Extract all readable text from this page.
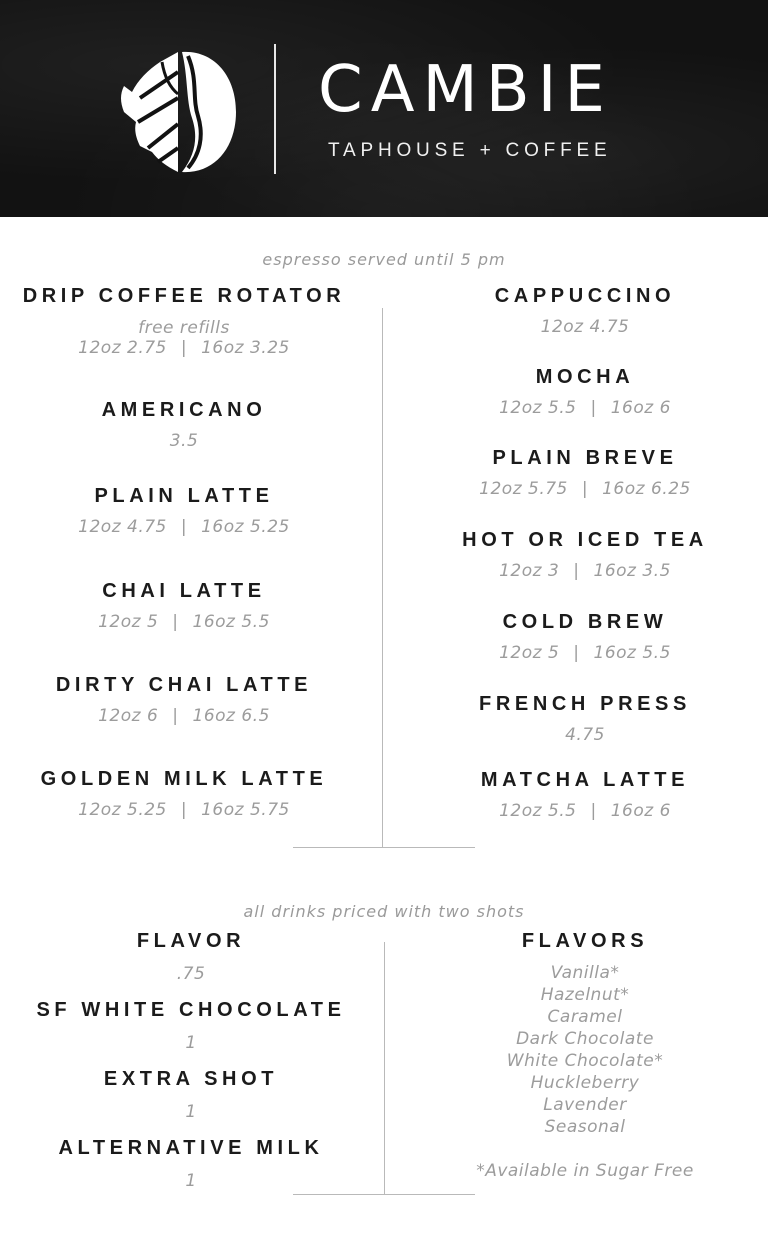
CAMBIE
TAPHOUSE + COFFEE
espresso served until 5 pm
DRIP COFFEE ROTATOR
free refills
12oz 2.75 | 16oz 3.25
AMERICANO
3.5
PLAIN LATTE
12oz 4.75 | 16oz 5.25
CHAI LATTE
12oz 5 | 16oz 5.5
DIRTY CHAI LATTE
12oz 6 | 16oz 6.5
GOLDEN MILK LATTE
12oz 5.25 | 16oz 5.75
CAPPUCCINO
12oz 4.75
MOCHA
12oz 5.5 | 16oz 6
PLAIN BREVE
12oz 5.75 | 16oz 6.25
HOT OR ICED TEA
12oz 3 | 16oz 3.5
COLD BREW
12oz 5 | 16oz 5.5
FRENCH PRESS
4.75
MATCHA LATTE
12oz 5.5 | 16oz 6
all drinks priced with two shots
FLAVOR
.75
SF WHITE CHOCOLATE
1
EXTRA SHOT
1
ALTERNATIVE MILK
1
FLAVORS
Vanilla*
Hazelnut*
Caramel
Dark Chocolate
White Chocolate*
Huckleberry
Lavender
Seasonal
*Available in Sugar Free
